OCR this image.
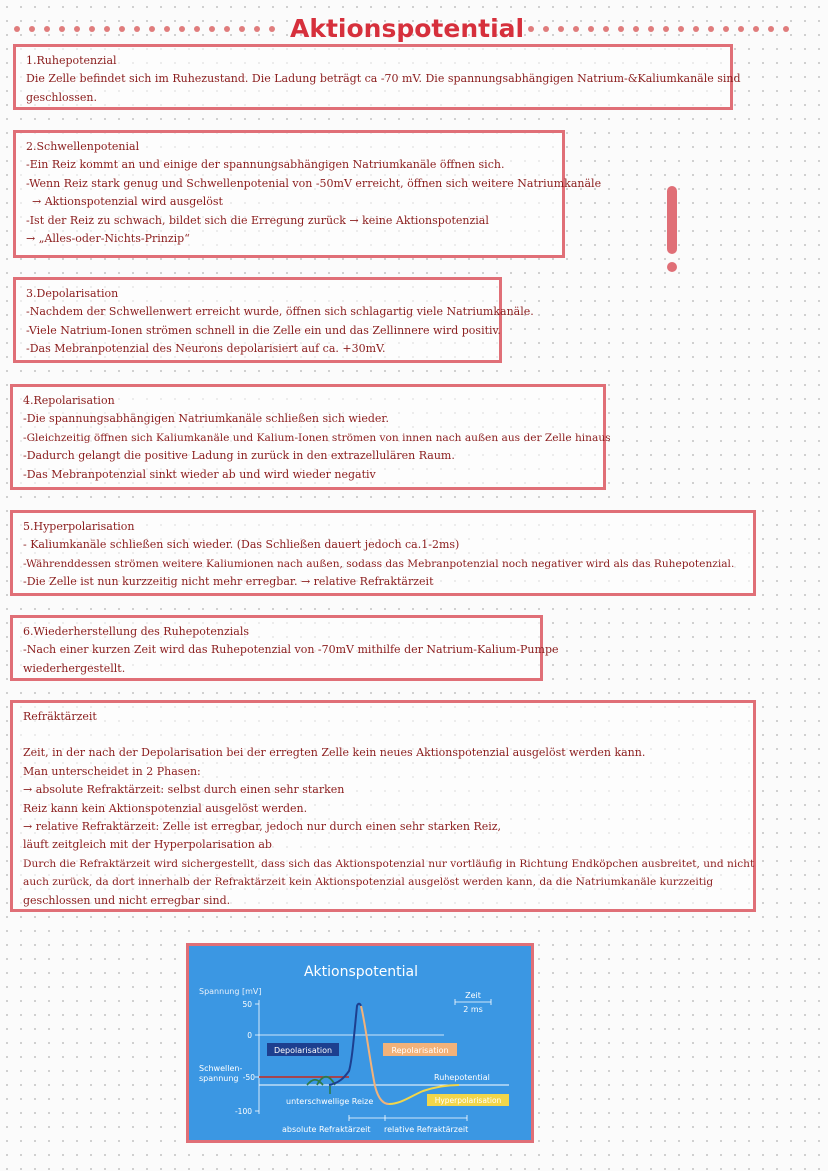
Aktionspotential
1.Ruhepotenzial
Die Zelle befindet sich im Ruhezustand. Die Ladung beträgt ca -70 mV. Die spannungsabhängigen Natrium-&Kaliumkanäle sind
geschlossen.
2.Schwellenpotenial
-Ein Reiz kommt an und einige der spannungsabhängigen Natriumkanäle öffnen sich.
-Wenn Reiz stark genug und Schwellenpotenial von -50mV erreicht, öffnen sich weitere Natriumkanäle
→ Aktionspotenzial wird ausgelöst
-Ist der Reiz zu schwach, bildet sich die Erregung zurück → keine Aktionspotenzial
→ „Alles-oder-Nichts-Prinzip“
3.Depolarisation
-Nachdem der Schwellenwert erreicht wurde, öffnen sich schlagartig viele Natriumkanäle.
-Viele Natrium-Ionen strömen schnell in die Zelle ein und das Zellinnere wird positiv.
-Das Mebranpotenzial des Neurons depolarisiert auf ca. +30mV.
4.Repolarisation
-Die spannungsabhängigen Natriumkanäle schließen sich wieder.
-Gleichzeitig öffnen sich Kaliumkanäle und Kalium-Ionen strömen von innen nach außen aus der Zelle hinaus
-Dadurch gelangt die positive Ladung in zurück in den extrazellulären Raum.
-Das Mebranpotenzial sinkt wieder ab und wird wieder negativ
5.Hyperpolarisation
- Kaliumkanäle schließen sich wieder. (Das Schließen dauert jedoch ca.1-2ms)
-Währenddessen strömen weitere Kaliumionen nach außen, sodass das Mebranpotenzial noch negativer wird als das Ruhepotenzial.
-Die Zelle ist nun kurzzeitig nicht mehr erregbar. → relative Refraktärzeit
6.Wiederherstellung des Ruhepotenzials
-Nach einer kurzen Zeit wird das Ruhepotenzial von -70mV mithilfe der Natrium-Kalium-Pumpe
wiederhergestellt.
Refräktärzeit
Zeit, in der nach der Depolarisation bei der erregten Zelle kein neues Aktionspotenzial ausgelöst werden kann.
Man unterscheidet in 2 Phasen:
→ absolute Refraktärzeit: selbst durch einen sehr starken
Reiz kann kein Aktionspotenzial ausgelöst werden.
→ relative Refraktärzeit: Zelle ist erregbar, jedoch nur durch einen sehr starken Reiz,
läuft zeitgleich mit der Hyperpolarisation ab
Durch die Refraktärzeit wird sichergestellt, dass sich das Aktionspotenzial nur vortläufig in Richtung Endköpchen ausbreitet, und nicht
auch zurück, da dort innerhalb der Refraktärzeit kein Aktionspotenzial ausgelöst werden kann, da die Natriumkanäle kurzzeitig
geschlossen und nicht erregbar sind.
Aktionspotential
Spannung [mV]
50
0
-50
-100
Schwellen-
spannung
Depolarisation	Repolarisation
Hyperpolarisation
Ruhepotential
unterschwellige Reize
Zeit
2 ms
absolute Refraktärzeit relative Refraktärzeit
